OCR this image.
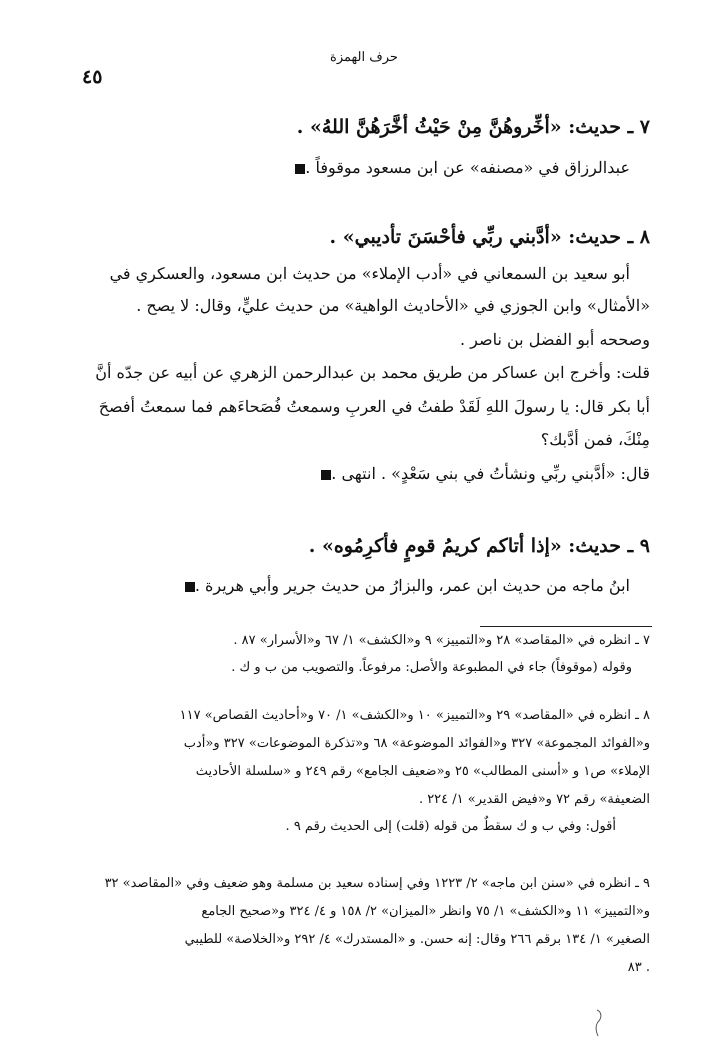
حرف الهمزة
٤٥
٧ ـ حديث: «أخِّروهُنَّ مِنْ حَيْثُ أخَّرَهُنَّ اللهُ» .
عبدالرزاق في «مصنفه» عن ابن مسعود موقوفاً .
٨ ـ حديث: «أدَّبني ربِّي فأحْسَنَ تأديبي» .
أبو سعيد بن السمعاني في «أدب الإملاء» من حديث ابن مسعود، والعسكري في
«الأمثال» وابن الجوزي في «الأحاديث الواهية» من حديث عليٍّ، وقال: لا يصح .
وصححه أبو الفضل بن ناصر .
قلت: وأخرج ابن عساكر من طريق محمد بن عبدالرحمن الزهري عن أبيه عن جدّه أنَّ
أبا بكر قال: يا رسولَ اللهِ لَقَدْ طفتُ في العربِ وسمعتُ فُصَحاءَهم فما سمعتُ أفصحَ
مِنْكَ، فمن أدَّبك؟
قال: «أدَّبني ربِّي ونشأتُ في بني سَعْدٍ» . انتهى .
٩ ـ حديث: «إذا أتاكم كريمُ قومٍ فأكرِمُوه» .
ابنُ ماجه من حديث ابن عمر، والبزارُ من حديث جرير وأبي هريرة .
٧ ـ انظره في «المقاصد» ٢٨ و«التمييز» ٩ و«الكشف» ١/ ٦٧ و«الأسرار» ٨٧ .
وقوله (موقوفاً) جاء في المطبوعة والأصل: مرفوعاً. والتصويب من ب و ك .
٨ ـ انظره في «المقاصد» ٢٩ و«التمييز» ١٠ و«الكشف» ١/ ٧٠ و«أحاديث القصاص» ١١٧
و«الفوائد المجموعة» ٣٢٧ و«الفوائد الموضوعة» ٦٨ و«تذكرة الموضوعات» ٣٢٧ و«أدب
الإملاء» ص١ و «أسنى المطالب» ٢٥ و«ضعيف الجامع» رقم ٢٤٩ و «سلسلة الأحاديث
الضعيفة» رقم ٧٢ و«فيض القدير» ١/ ٢٢٤ .
أقول: وفي ب و ك سقطٌ من قوله (قلت) إلى الحديث رقم ٩ .
٩ ـ انظره في «سنن ابن ماجه» ٢/ ١٢٢٣ وفي إسناده سعيد بن مسلمة وهو ضعيف وفي «المقاصد» ٣٢
و«التمييز» ١١ و«الكشف» ١/ ٧٥ وانظر «الميزان» ٢/ ١٥٨ و ٤/ ٣٢٤ و«صحيح الجامع
الصغير» ١/ ١٣٤ برقم ٢٦٦ وقال: إنه حسن. و «المستدرك» ٤/ ٢٩٢ و«الخلاصة» للطيبي
٨٣ .
